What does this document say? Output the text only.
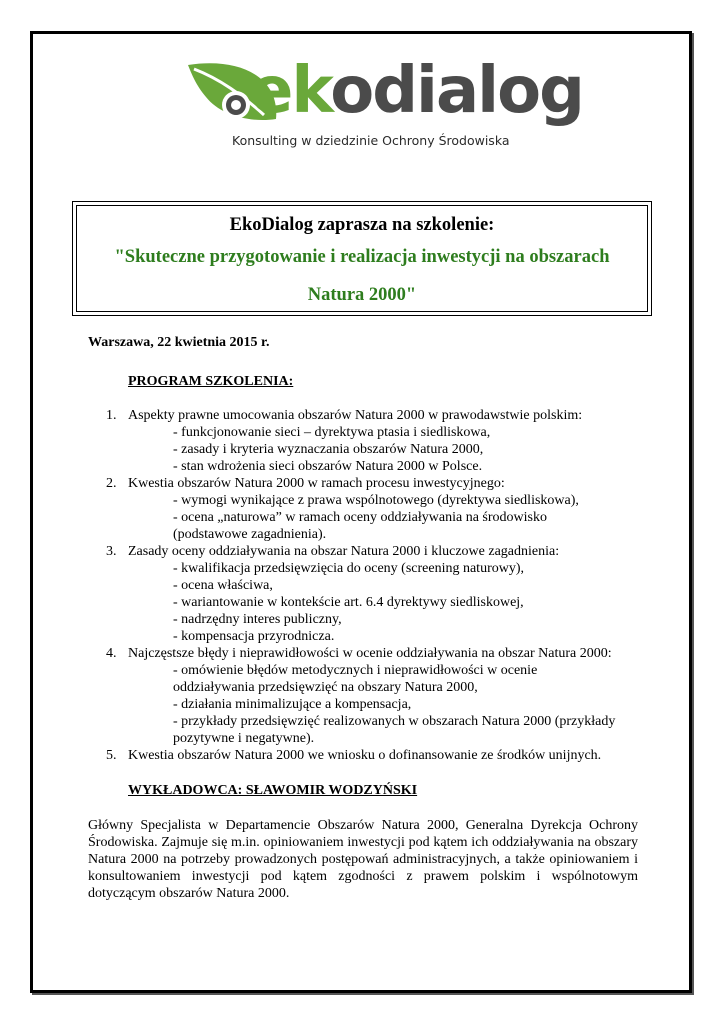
ekodialog
Konsulting w dziedzinie Ochrony Środowiska
EkoDialog zaprasza na szkolenie:
"Skuteczne przygotowanie i realizacja inwestycji na obszarach
Natura 2000"

Warszawa, 22 kwietnia 2015 r.

PROGRAM SZKOLENIA:

1. Aspekty prawne umocowania obszarów Natura 2000 w prawodawstwie polskim:
- funkcjonowanie sieci – dyrektywa ptasia i siedliskowa,
- zasady i kryteria wyznaczania obszarów Natura 2000,
- stan wdrożenia sieci obszarów Natura 2000 w Polsce.
2. Kwestia obszarów Natura 2000 w ramach procesu inwestycyjnego:
- wymogi wynikające z prawa wspólnotowego (dyrektywa siedliskowa),
- ocena „naturowa” w ramach oceny oddziaływania na środowisko
(podstawowe zagadnienia).
3. Zasady oceny oddziaływania na obszar Natura 2000 i kluczowe zagadnienia:
- kwalifikacja przedsięwzięcia do oceny (screening naturowy),
- ocena właściwa,
- wariantowanie w kontekście art. 6.4 dyrektywy siedliskowej,
- nadrzędny interes publiczny,
- kompensacja przyrodnicza.
4. Najczęstsze błędy i nieprawidłowości w ocenie oddziaływania na obszar Natura 2000:
- omówienie błędów metodycznych i nieprawidłowości w ocenie
oddziaływania przedsięwzięć na obszary Natura 2000,
- działania minimalizujące a kompensacja,
- przykłady przedsięwzięć realizowanych w obszarach Natura 2000 (przykłady
pozytywne i negatywne).
5. Kwestia obszarów Natura 2000 we wniosku o dofinansowanie ze środków unijnych.

WYKŁADOWCA: SŁAWOMIR WODZYŃSKI

Główny Specjalista w Departamencie Obszarów Natura 2000, Generalna Dyrekcja Ochrony Środowiska. Zajmuje się m.in. opiniowaniem inwestycji pod kątem ich oddziaływania na obszary Natura 2000 na potrzeby prowadzonych postępowań administracyjnych, a także opiniowaniem i konsultowaniem inwestycji pod kątem zgodności z prawem polskim i wspólnotowym dotyczącym obszarów Natura 2000.
